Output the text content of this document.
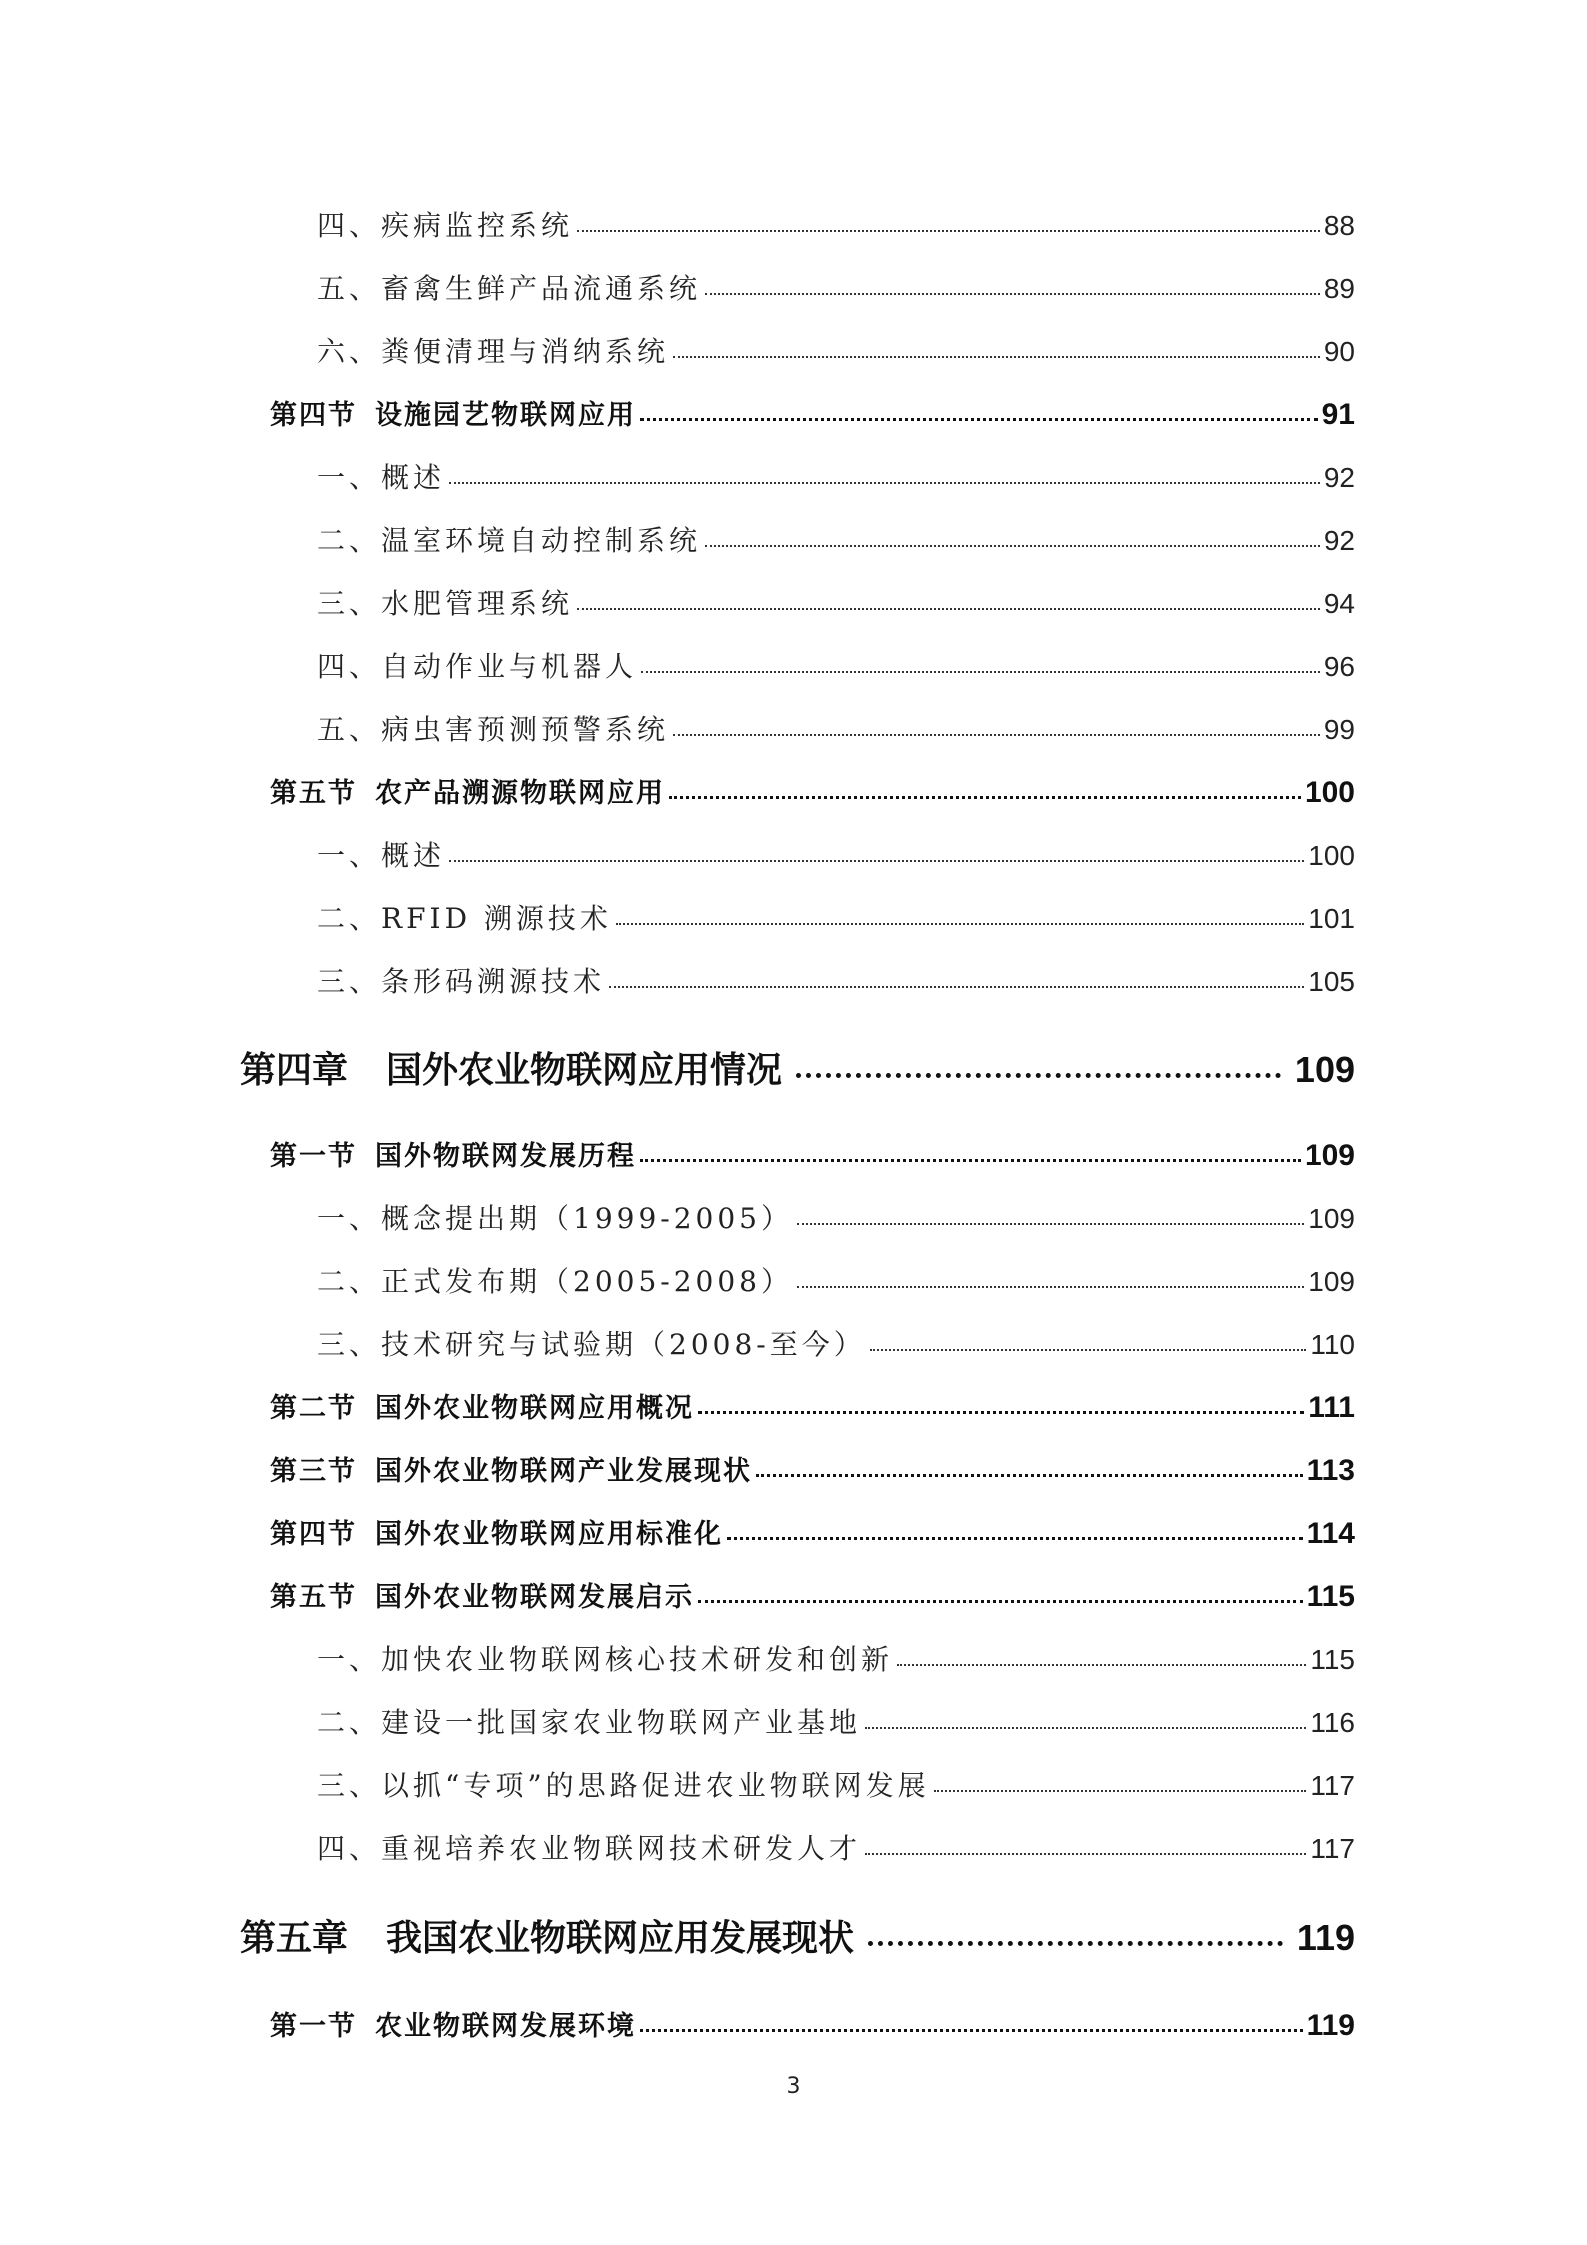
四、疾病监控系统	88
五、畜禽生鲜产品流通系统	89
六、粪便清理与消纳系统	90
第四节 设施园艺物联网应用	91
一、概述	92
二、温室环境自动控制系统	92
三、水肥管理系统	94
四、自动作业与机器人	96
五、病虫害预测预警系统	99
第五节 农产品溯源物联网应用	100
一、概述	100
二、RFID 溯源技术	101
三、条形码溯源技术	105
第四章 国外农业物联网应用情况	109
第一节 国外物联网发展历程	109
一、概念提出期（1999-2005）	109
二、正式发布期（2005-2008）	109
三、技术研究与试验期（2008-至今）	110
第二节 国外农业物联网应用概况	111
第三节 国外农业物联网产业发展现状	113
第四节 国外农业物联网应用标准化	114
第五节 国外农业物联网发展启示	115
一、加快农业物联网核心技术研发和创新	115
二、建设一批国家农业物联网产业基地	116
三、以抓“专项”的思路促进农业物联网发展	117
四、重视培养农业物联网技术研发人才	117
第五章 我国农业物联网应用发展现状	119
第一节 农业物联网发展环境	119
3
